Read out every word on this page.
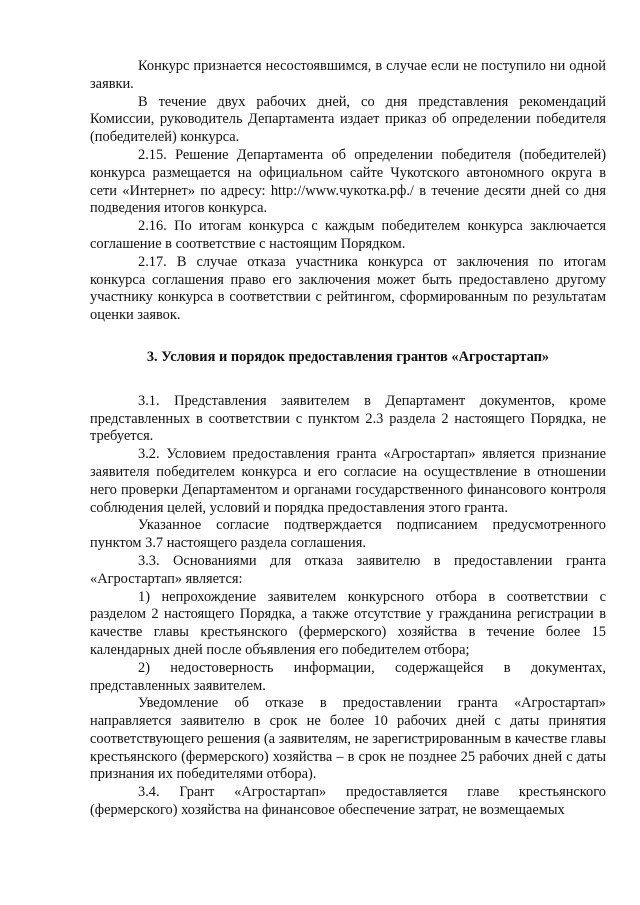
Конкурс признается несостоявшимся, в случае если не поступило ни одной заявки.

В течение двух рабочих дней, со дня представления рекомендаций Комиссии, руководитель Департамента издает приказ об определении победителя (победителей) конкурса.

2.15. Решение Департамента об определении победителя (победителей) конкурса размещается на официальном сайте Чукотского автономного округа в сети «Интернет» по адресу: http://www.чукотка.рф./ в течение десяти дней со дня подведения итогов конкурса.

2.16. По итогам конкурса с каждым победителем конкурса заключается соглашение в соответствие с настоящим Порядком.

2.17. В случае отказа участника конкурса от заключения по итогам конкурса соглашения право его заключения может быть предоставлено другому участнику конкурса в соответствии с рейтингом, сформированным по результатам оценки заявок.

3. Условия и порядок предоставления грантов «Агростартап»

3.1. Представления заявителем в Департамент документов, кроме представленных в соответствии с пунктом 2.3 раздела 2 настоящего Порядка, не требуется.

3.2. Условием предоставления гранта «Агростартап» является признание заявителя победителем конкурса и его согласие на осуществление в отношении него проверки Департаментом и органами государственного финансового контроля соблюдения целей, условий и порядка предоставления этого гранта.

Указанное согласие подтверждается подписанием предусмотренного пунктом 3.7 настоящего раздела соглашения.

3.3. Основаниями для отказа заявителю в предоставлении гранта «Агростартап» является:

1) непрохождение заявителем конкурсного отбора в соответствии с разделом 2 настоящего Порядка, а также отсутствие у гражданина регистрации в качестве главы крестьянского (фермерского) хозяйства в течение более 15 календарных дней после объявления его победителем отбора;

2) недостоверность информации, содержащейся в документах, представленных заявителем.

Уведомление об отказе в предоставлении гранта «Агростартап» направляется заявителю в срок не более 10 рабочих дней с даты принятия соответствующего решения (а заявителям, не зарегистрированным в качестве главы крестьянского (фермерского) хозяйства – в срок не позднее 25 рабочих дней с даты признания их победителями отбора).

3.4. Грант «Агростартап» предоставляется главе крестьянского (фермерского) хозяйства на финансовое обеспечение затрат, не возмещаемых
